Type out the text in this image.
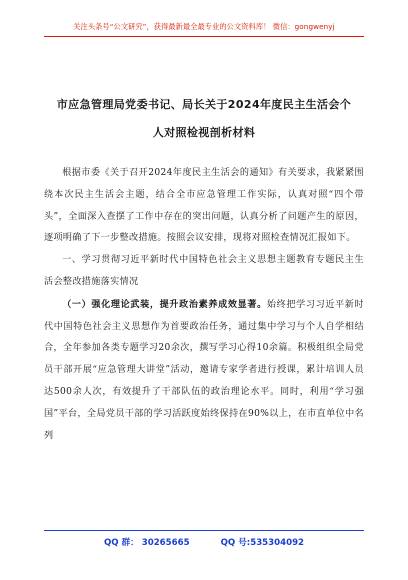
关注头条号“公文研究”，获得最新最全最专业的公文资料库！ 微信：gongwenyj
市应急管理局党委书记、局长关于2024年度民主生活会个
人对照检视剖析材料

根据市委《关于召开2024年度民主生活会的通知》有关要求，我紧紧围绕本次民主生活会主题，结合全市应急管理工作实际，认真对照“四个带头”，全面深入查摆了工作中存在的突出问题，认真分析了问题产生的原因，逐项明确了下一步整改措施。按照会议安排，现将对照检查情况汇报如下。

一、学习贯彻习近平新时代中国特色社会主义思想主题教育专题民主生活会整改措施落实情况

（一）强化理论武装，提升政治素养成效显著。始终把学习习近平新时代中国特色社会主义思想作为首要政治任务，通过集中学习与个人自学相结合，全年参加各类专题学习20余次，撰写学习心得10余篇。积极组织全局党员干部开展“应急管理大讲堂”活动，邀请专家学者进行授课，累计培训人员达500余人次，有效提升了干部队伍的政治理论水平。同时，利用“学习强国”平台，全局党员干部的学习活跃度始终保持在90%以上，在市直单位中名列

QQ 群： 30265665	QQ 号:535304092
